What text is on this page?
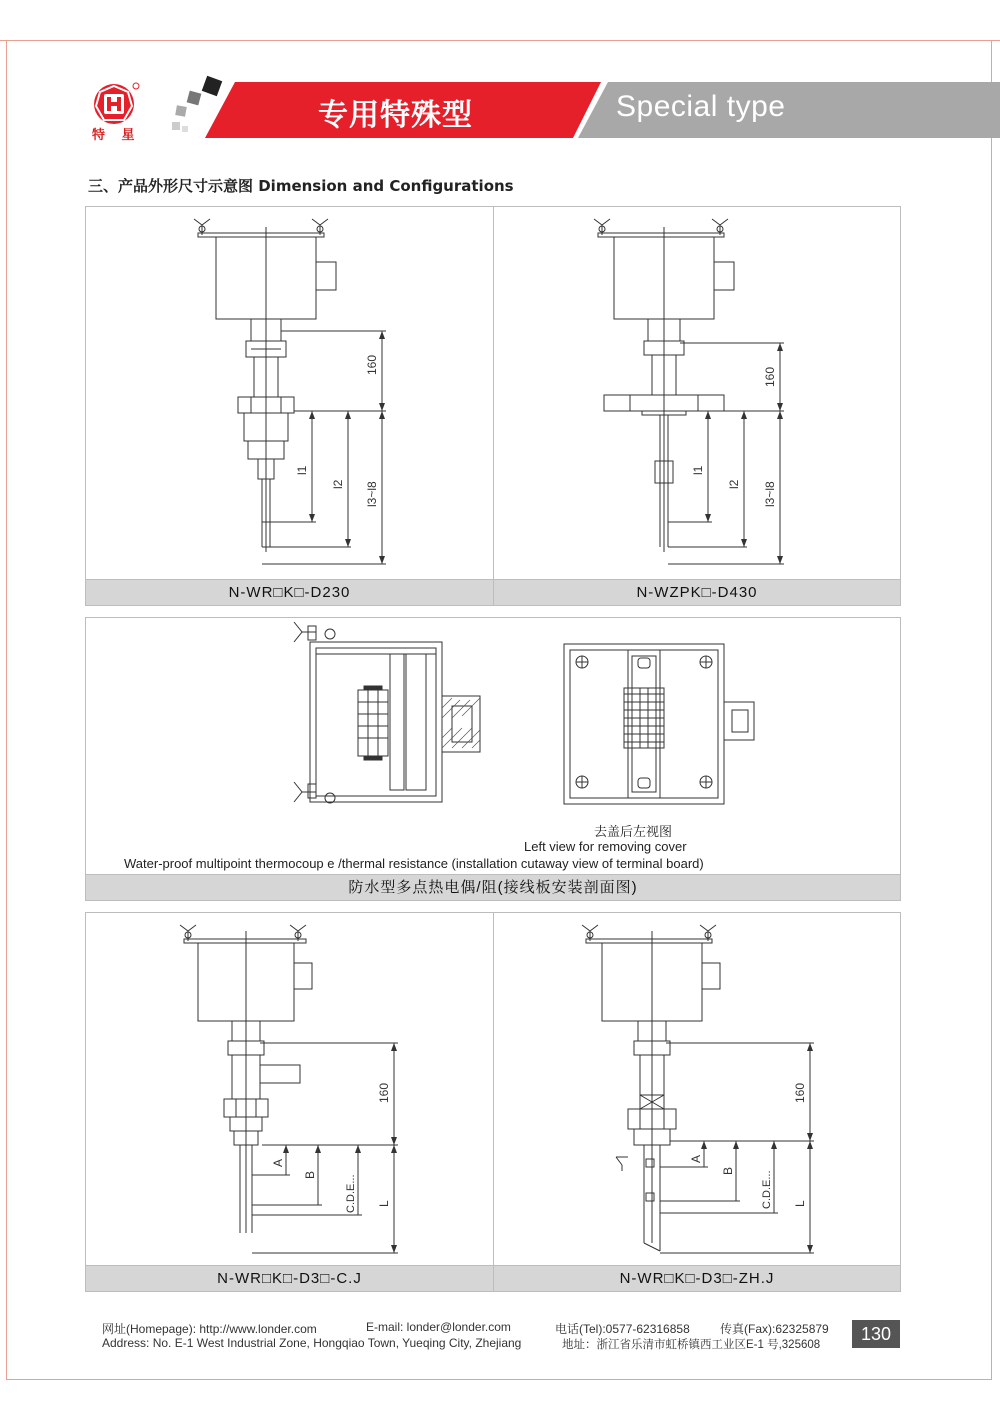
特 星
专用特殊型	Special type
三、产品外形尺寸示意图 Dimension and Configurations
160
l1
l2 l3~l8
160
l1
l2 l3~l8
N-WR□K□-D230	N-WZPK□-D430
防水型多点热电偶/阻(接线板安装剖面图)
去盖后左视图
Left view for removing cover
Water-proof multipoint thermocoup e /thermal resistance (installation cutaway view of terminal board)
160
A
B	C.D.E... L
160
A
B C.D.E... L
N-WR□K□-D3□-C.J	N-WR□K□-D3□-ZH.J
网址(Homepage): http://www.londer.com	E-mail: londer@londer.com	电话(Tel):0577-62316858	传真(Fax):62325879
Address: No. E-1 West Industrial Zone, Hongqiao Town, Yueqing City, Zhejiang	地址：浙江省乐清市虹桥镇西工业区E-1 号,325608
130
